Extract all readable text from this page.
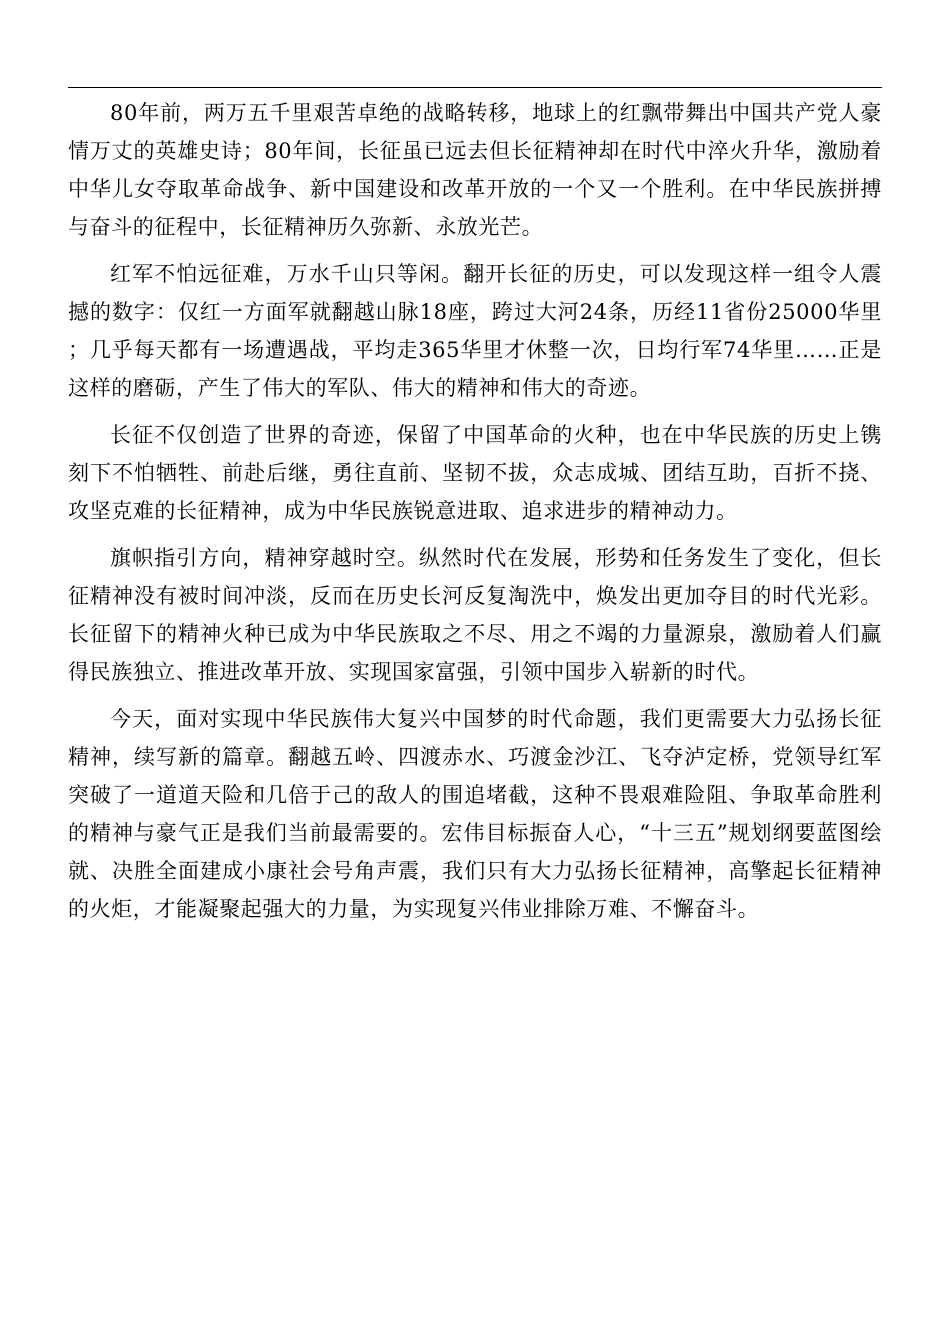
80年前，两万五千里艰苦卓绝的战略转移，地球上的红飘带舞出中国共产党人豪情万丈的英雄史诗；80年间，长征虽已远去但长征精神却在时代中淬火升华，激励着中华儿女夺取革命战争、新中国建设和改革开放的一个又一个胜利。在中华民族拼搏与奋斗的征程中，长征精神历久弥新、永放光芒。

红军不怕远征难，万水千山只等闲。翻开长征的历史，可以发现这样一组令人震撼的数字：仅红一方面军就翻越山脉18座，跨过大河24条，历经11省份25000华里；几乎每天都有一场遭遇战，平均走365华里才休整一次，日均行军74华里……正是这样的磨砺，产生了伟大的军队、伟大的精神和伟大的奇迹。

长征不仅创造了世界的奇迹，保留了中国革命的火种，也在中华民族的历史上镌刻下不怕牺牲、前赴后继，勇往直前、坚韧不拔，众志成城、团结互助，百折不挠、攻坚克难的长征精神，成为中华民族锐意进取、追求进步的精神动力。

旗帜指引方向，精神穿越时空。纵然时代在发展，形势和任务发生了变化，但长征精神没有被时间冲淡，反而在历史长河反复淘洗中，焕发出更加夺目的时代光彩。长征留下的精神火种已成为中华民族取之不尽、用之不竭的力量源泉，激励着人们赢得民族独立、推进改革开放、实现国家富强，引领中国步入崭新的时代。

今天，面对实现中华民族伟大复兴中国梦的时代命题，我们更需要大力弘扬长征精神，续写新的篇章。翻越五岭、四渡赤水、巧渡金沙江、飞夺泸定桥，党领导红军突破了一道道天险和几倍于己的敌人的围追堵截，这种不畏艰难险阻、争取革命胜利的精神与豪气正是我们当前最需要的。宏伟目标振奋人心，“十三五”规划纲要蓝图绘就、决胜全面建成小康社会号角声震，我们只有大力弘扬长征精神，高擎起长征精神的火炬，才能凝聚起强大的力量，为实现复兴伟业排除万难、不懈奋斗。
